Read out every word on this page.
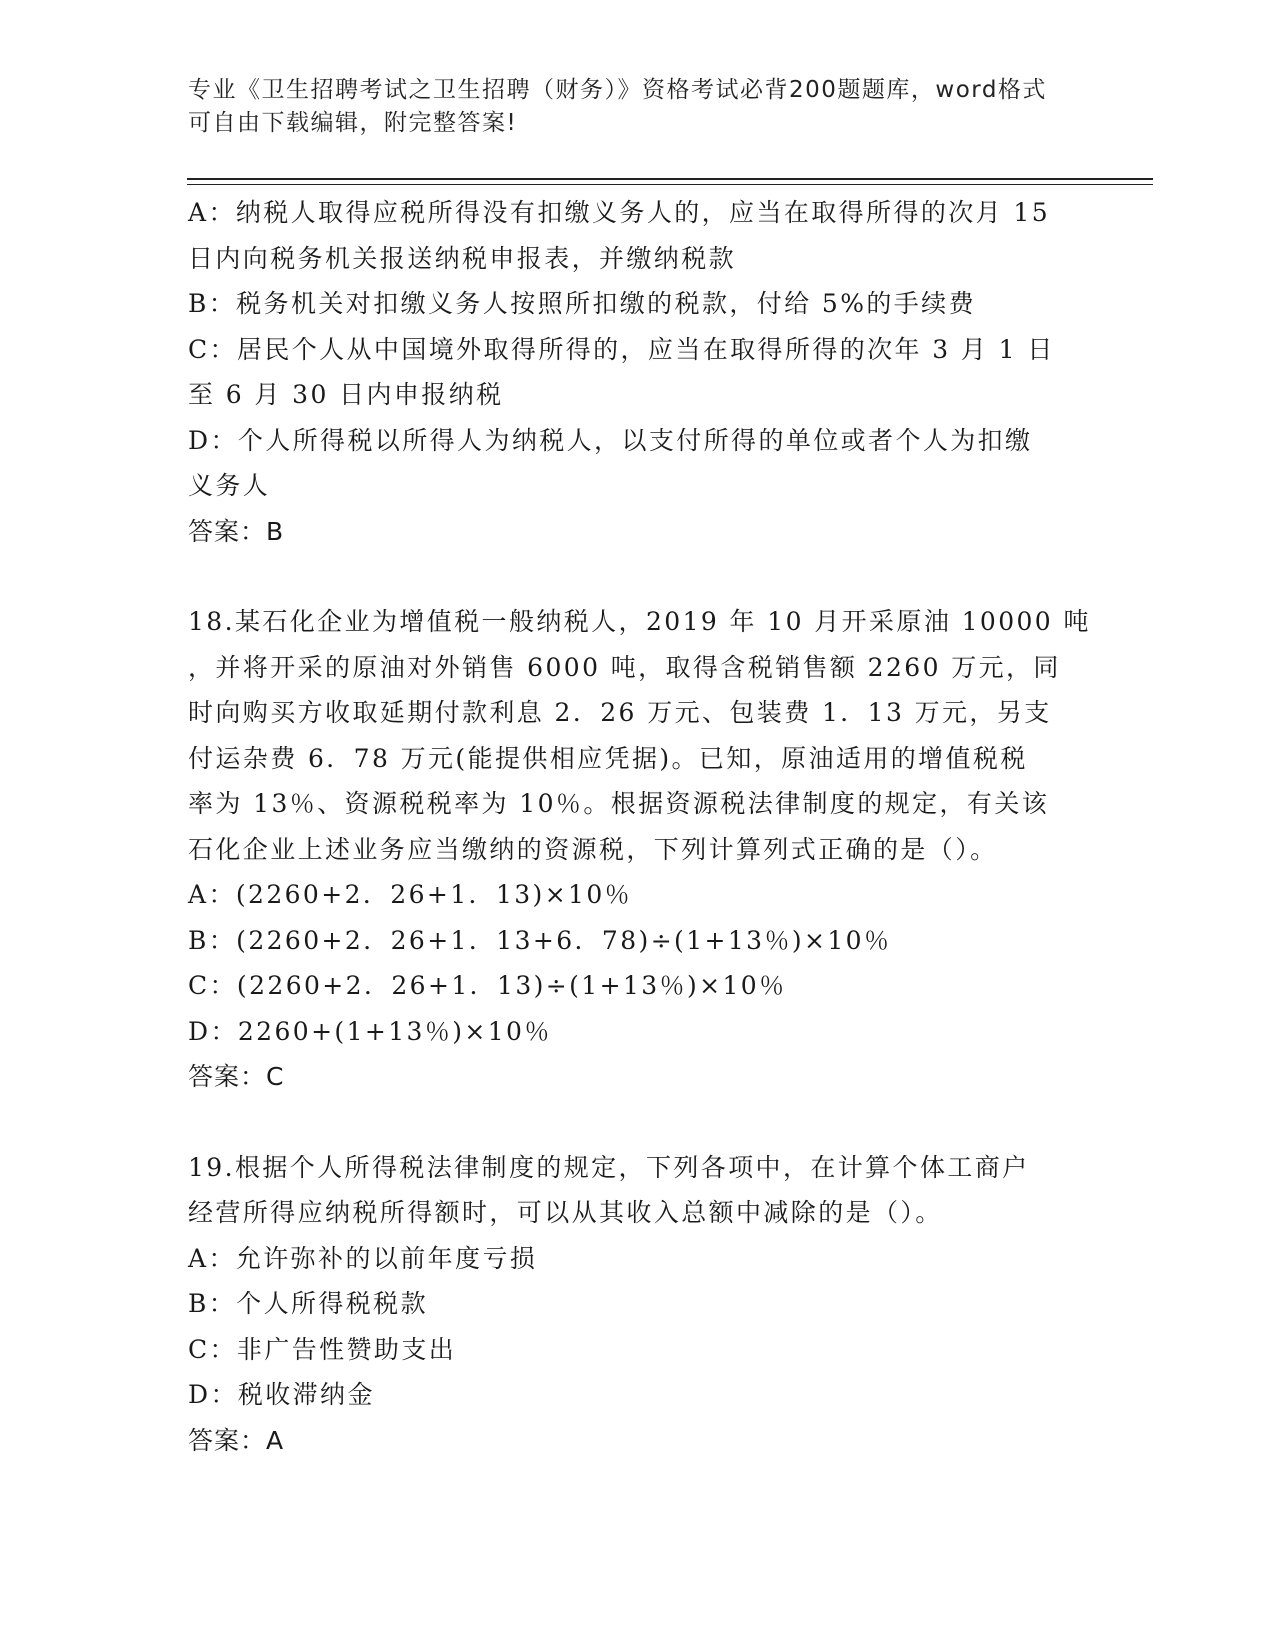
专业《卫生招聘考试之卫生招聘（财务）》资格考试必背200题题库，word格式
可自由下载编辑，附完整答案!
A：纳税人取得应税所得没有扣缴义务人的，应当在取得所得的次月 15
日内向税务机关报送纳税申报表，并缴纳税款
B：税务机关对扣缴义务人按照所扣缴的税款，付给 5%的手续费
C：居民个人从中国境外取得所得的，应当在取得所得的次年 3 月 1 日
至 6 月 30 日内申报纳税
D：个人所得税以所得人为纳税人，以支付所得的单位或者个人为扣缴
义务人
答案：B
18.某石化企业为增值税一般纳税人，2019 年 10 月开采原油 10000 吨
，并将开采的原油对外销售 6000 吨，取得含税销售额 2260 万元，同
时向购买方收取延期付款利息 2．26 万元、包装费 1．13 万元，另支
付运杂费 6．78 万元(能提供相应凭据)。已知，原油适用的增值税税
率为 13％、资源税税率为 10％。根据资源税法律制度的规定，有关该
石化企业上述业务应当缴纳的资源税，下列计算列式正确的是（）。
A：(2260+2．26+1．13)×10％
B：(2260+2．26+1．13+6．78)÷(1+13％)×10％
C：(2260+2．26+1．13)÷(1+13％)×10％
D：2260+(1+13％)×10％
答案：C
19.根据个人所得税法律制度的规定，下列各项中，在计算个体工商户
经营所得应纳税所得额时，可以从其收入总额中减除的是（）。
A：允许弥补的以前年度亏损
B：个人所得税税款
C：非广告性赞助支出
D：税收滞纳金
答案：A
